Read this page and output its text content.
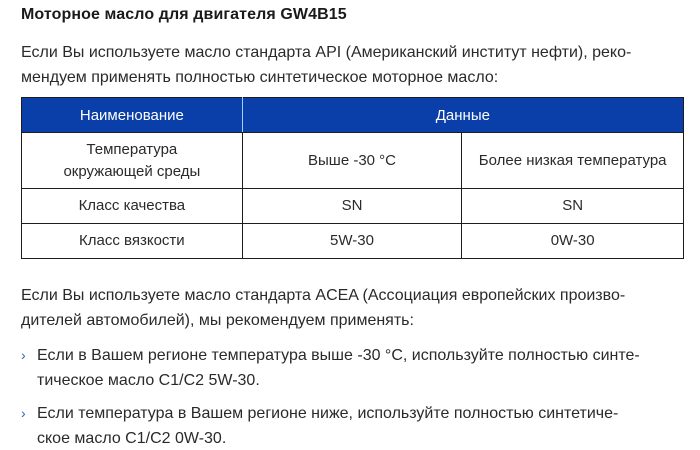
Моторное масло для двигателя GW4B15
Если Вы используете масло стандарта API (Американский институт нефти), реко-
мендуем применять полностью синтетическое моторное масло:
Наименование	Данные	

Температура
окружающей среды	Выше -30 °C	Более низкая температура
Класс качества	SN	SN
Класс вязкости	5W-30	0W-30
Если Вы используете масло стандарта ACEA (Ассоциация европейских произво-
дителей автомобилей), мы рекомендуем применять:
› Если в Вашем регионе температура выше -30 °C, используйте полностью синте-
тическое масло C1/C2 5W-30.
› Если температура в Вашем регионе ниже, используйте полностью синтетиче-
ское масло C1/C2 0W-30.
